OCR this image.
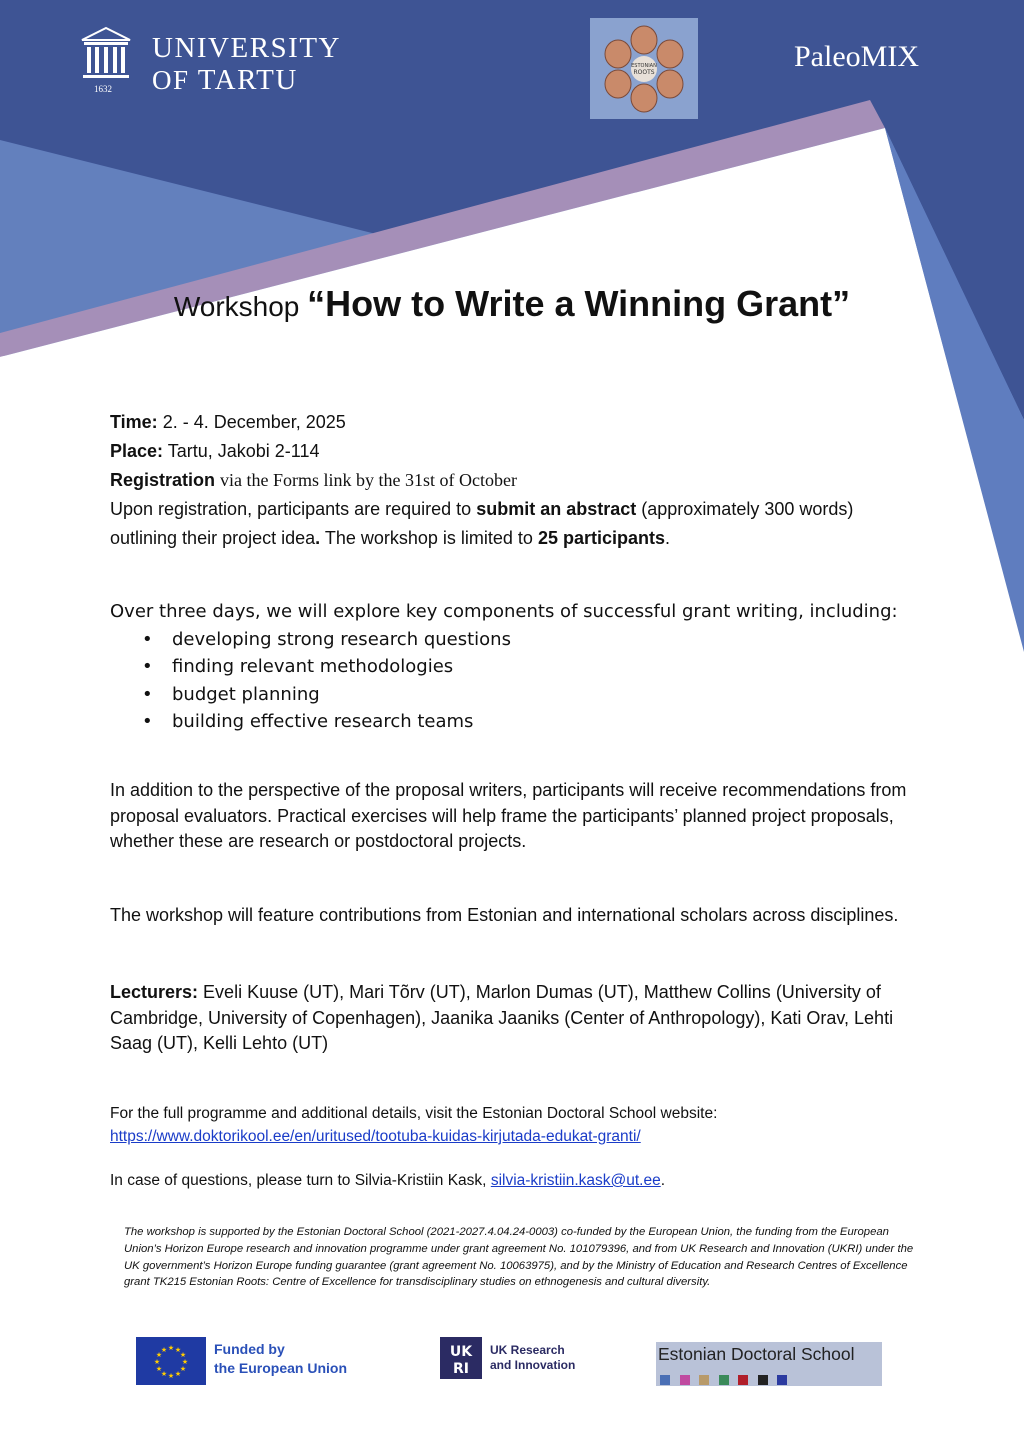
UNIVERSITY
OF TARTU
1632
ESTONIAN
ROOTS	PaleoMIX
Workshop “How to Write a Winning Grant”
Time: 2. - 4. December, 2025
Place: Tartu, Jakobi 2-114
Registration via the Forms link by the 31st of October
Upon registration, participants are required to submit an abstract (approximately 300 words) outlining their project idea. The workshop is limited to 25 participants.
Over three days, we will explore key components of successful grant writing, including:
• developing strong research questions
• finding relevant methodologies
• budget planning
• building effective research teams
In addition to the perspective of the proposal writers, participants will receive recommendations from proposal evaluators. Practical exercises will help frame the participants’ planned project proposals, whether these are research or postdoctoral projects.
The workshop will feature contributions from Estonian and international scholars across disciplines.
Lecturers: Eveli Kuuse (UT), Mari Tõrv (UT), Marlon Dumas (UT), Matthew Collins (University of Cambridge, University of Copenhagen), Jaanika Jaaniks (Center of Anthropology), Kati Orav, Lehti Saag (UT), Kelli Lehto (UT)
For the full programme and additional details, visit the Estonian Doctoral School website:
https://www.doktorikool.ee/en/uritused/tootuba-kuidas-kirjutada-edukat-granti/
In case of questions, please turn to Silvia-Kristiin Kask, silvia-kristiin.kask@ut.ee.
The workshop is supported by the Estonian Doctoral School (2021-2027.4.04.24-0003) co-funded by the European Union, the funding from the European Union’s Horizon Europe research and innovation programme under grant agreement No. 101079396, and from UK Research and Innovation (UKRI) under the UK government’s Horizon Europe funding guarantee (grant agreement No. 10063975), and by the Ministry of Education and Research Centres of Excellence grant TK215 Estonian Roots: Centre of Excellence for transdisciplinary studies on ethnogenesis and cultural diversity.
★ ★
★
★
★
★
★
★
★
★
★
★	Funded by
the European Union
UK
RI
UK Research
and Innovation
Estonian Doctoral School
